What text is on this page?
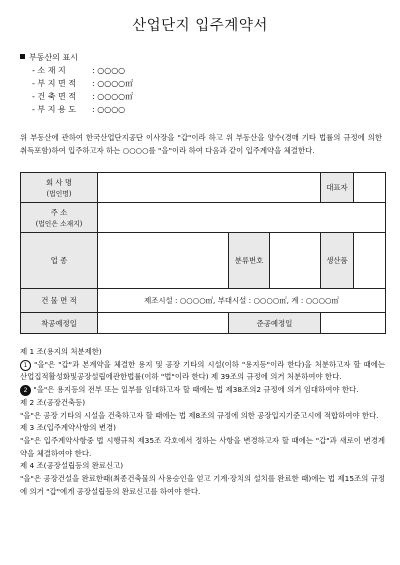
산업단지 입주계약서
부동산의 표시
- 소 재 지	: ○○○○
- 부 지 면 적 : ○○○○㎡
- 건 축 면 적 : ○○○○㎡
- 부 지 용 도 : ○○○○
위 부동산에 관하여 한국산업단지공단 이사장을 "갑"이라 하고 위 부동산을 양수(경매 기타 법률의 규정에 의한 취득포함)하여 입주하고자 하는 ○○○○를 "을"이라 하여 다음과 같이 입주계약을 체결한다.
회 사 명
(법인명)				대표자	
주 소
(법인은 소재지)					

업 종		분류번호		생산품	
건 물 면 적	제조시설 : ○○○○㎡, 부대시설 : ○○○○㎡, 계 : ○○○○㎡				
착공예정일		준공예정일			

제 1 조(용지의 처분제한)

1 "을"은 "갑"과 본계약을 체결한 용지 및 공장 기타의 시설(이하 "용지등"이라 한다)을 처분하고자 할 때에는 산업집적활성화및공장설립에관한법률(이하 "법"이라 한다) 제 39조의 규정에 의거 처분하여야 한다.

2 "을"은 용지등의 전부 또는 일부를 임대하고자 할 때에는 법 제38조의2 규정에 의거 임대하여야 한다.

제 2 조(공장건축등)

"을"은 공장 기타의 시설을 건축하고자 할 때에는 법 제8조의 규정에 의한 공장입지기준고시에 적합하여야 한다.

제 3 조(입주계약사항의 변경)

"을"은 입주계약사항중 법 시행규칙 제35조 각호에서 정하는 사항을 변경하고자 할 때에는 "갑"과 새로이 변경계약을 체결하여야 한다.

제 4 조(공장설립등의 완료신고)

"을"은 공장건설을 완료한때(최종건축물의 사용승인을 얻고 기계·장치의 설치를 완료한 때)에는 법 제15조의 규정에 의거 "갑"에게 공장설립등의 완료신고를 하여야 한다.
